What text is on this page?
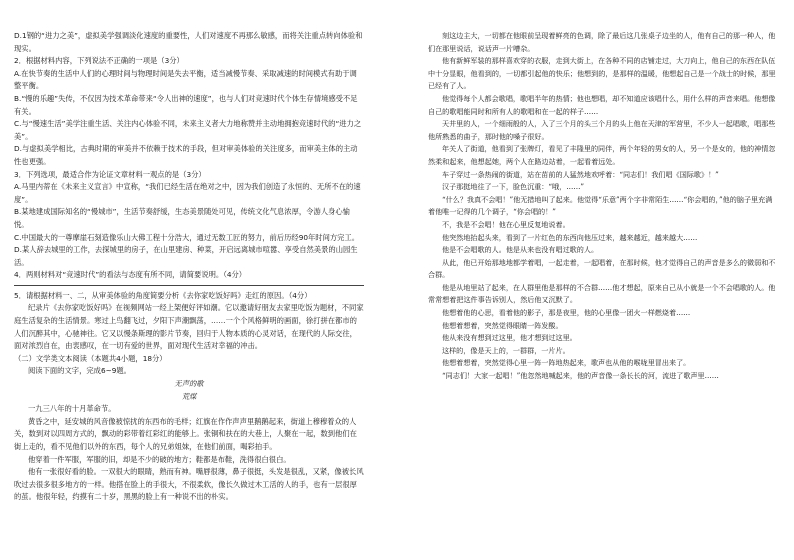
D.1钢的“进力之美”，虚拟美学强调淡化速度的重要性，人们对速度不再那么敏感，而将关注重点转向体验和现实。

2．根据材料内容，下列说法不正确的一项是（3分）

A.在快节奏的生活中人们的心理时间与物理时间是失去平衡，适当减慢节奏、采取减速的时间模式有助于调整平衡。

B.“慢的乐趣”失传，不仅因为技术革命带来“令人出神的速度”，也与人们对竞速时代个体生存情境感受不足有关。

C.与“慢速生活”美学注重生活、关注内心体验不同，未来主义者大力地称赞并主动地拥抱竞速时代的“进力之美”。

D.与虚拟美学相比，古典时期的审美并不依赖于技术的手段，但对审美体验的关注度多，而审美主体的主动性也更强。

3．下列选项，最适合作为论证文章材料一观点的是（3分）

A.马里内蒂在《未来主义宣言》中宣称，“我们已经生活在绝对之中，因为我们创造了永恒的、无所不在的速度”。

B.某地建成国际知名的“慢城市”，生活节奏舒缓，生态美景随处可见，传统文化气息浓厚，令游人身心愉悦。

C.中国最大的一尊摩崖石刻造像乐山大佛工程十分浩大，通过无数工匠的努力，前后历经90年时间方完工。

D.某人辞去城里的工作，去探城里的房子，在山里建房、种菜，开启远离城市喧嚣、享受自然美景的山园生活。

4．两则材料对“竞速时代”的看法与态度有所不同，请简要说明。（4分）

5．请根据材料一、二，从审美体验的角度简要分析《去你家吃饭好吗》走红的原因。（4分）

纪录片《去你家吃饭好吗》在视频网站一经上架便好评如潮。它以邀请好朋友去家里吃饭为题材，不同家庭生活复杂的生活情景。寒过上鸟翻飞过，夕阳下声潮飘荡，……一个个风格鲜明的画面，徐打拼在都市的人们沉醉其中，心驰神往。它又以慢条斯理的影片节奏，回归于人物本质的心灵对话，在现代的人际交往，面对浓烈自在，由衷感叹，在一切有爱的世界，面对现代生活对幸福的冲击。

（二）文学类文本阅读（本题共4小题，18分）

阅读下面的文字，完成6~9题。

无声的歌

荒煤

一九三八年的十月革命节。

黄昏之中，延安城的风音像被惊扰的东西布的毛样；红旗在作作声声里鹅鹅起来，街道上穆穆着众的人关，数到对以四周方式的，飘动的彩带着红彩红的能够上。张铜和扶在的大巷上，人聚在一起，数到他们在街上走的，看不见他们以外的东西，每个人的兄弟姐妹，在他们前面，喝彩拍手。

他穿着一件军服，军服的旧，却是不少的破的地方；鞋都是布鞋，洗得很白很白。

他有一张很好看的脸。一双很大的眼睛，熟而有神。嘴唇很薄，鼻子很挺，头发是很乱，又紧，像被长风吹过去很多很多地方的一样。他搭在脸上的手很大，不很柔软，像长久做过木工活的人的手，也有一层很厚的茧。他很年轻，约摸有二十岁，黑黑的脸上有一种说不出的朴实。

刻这边主大，一切都在他眼前呈现着鲜亮的色调，除了最后这几张桌子边坐的人，他有自己的那一种人，他们在那里说话，说话声一片嘈杂。

他有新鲜军装的那样喜欢穿的衣服，走到大街上，在各种不同的店铺走过，大刀向上，他自己的东西在队伍中十分显眼，他看到的，一切都引起他的快乐；他想到的，是那样的温暖，他想起自己是一个战士的时候，那里已经有了人。

他觉得每个人都会歌唱，歌唱半年的热情；他也想唱，却不知道应该唱什么，用什么样的声音来唱。他想像自己的歌唱能同时和所有人的歌唱和在一起的样子……

天井里的人，一个细雨般的人，入了三个月的头三个月的头上他在天津的军营里，不少人一起唱歌，唱那些他所熟悉的曲子，那时他的嗓子很好。

年关人了街道，他看到了张牌灯，看见了丰隆里的同伴，两个年轻的男女的人，另一个是女的，他的神情忽然柔和起来，他想起她，两个人在路边站着，一起看着远处。

车子穿过一条热闹的街道，站在苗前的人猛然地欢呼着：“同志们！我们唱《国际歌》！”

汉子那挺地往了一下，脸色沉重：“哦，……”

“什么？我真不会唱！”他无措地叫了起来。他觉得“乐意”两个字非常陌生……“你会唱的，”他的脑子里充满着他唯一记得的几个调子，“你会唱的！”

不，我是不会唱！他在心里反复地说着。

他突然地抬起头来，看到了一片红色的东西向他压过来，越来越近，越来越大……

他是不会唱歌的人。他是从来也没有唱过歌的人。

从此，他已开始那地地都学着唱，一起走着，一起唱着，在那时候，他才觉得自己的声音是多么的微弱和不合群。

他是从地里站了起来，在人群里他是那样的不合群……他才想起，原来自己从小就是一个不会唱歌的人。他常常想着把这件事告诉别人，然后他又沉默了。

他想着他的心思，看着他的影子，那是夜里，他的心里像一团火一样燃烧着……

他想着想着，突然觉得眼睛一阵发酸。

他从来没有想到过这里，他才想到过这里。

这样的，像是天上的，一群群，一片片。

他想着想着，突然觉得心里一阵一阵地热起来，歌声也从他的喉咙里冒出来了。

“同志们！大家一起唱！”他忽然地喊起来，他的声音像一条长长的河，流进了歌声里……
